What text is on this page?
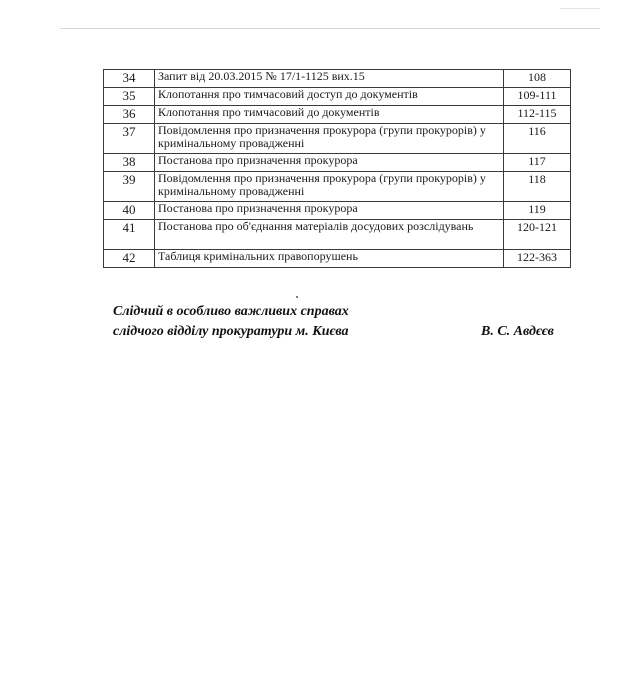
34	Запит від 20.03.2015 № 17/1-1125 вих.15	108
35	Клопотання про тимчасовий доступ до документів	109-111
36	Клопотання про тимчасовий до документів	112-115
37	Повідомлення про призначення прокурора (групи прокурорів) у кримінальному провадженні	116
38	Постанова про призначення прокурора	117
39	Повідомлення про призначення прокурора (групи прокурорів) у кримінальному провадженні	118
40	Постанова про призначення прокурора	119
41	Постанова про об'єднання матеріалів досудових розслідувань	120-121
42	Таблиця кримінальних правопорушень	122-363
Слідчий в особливо важливих справах
слідчого відділу прокуратури м. Києва	В. С. Авдєєв
